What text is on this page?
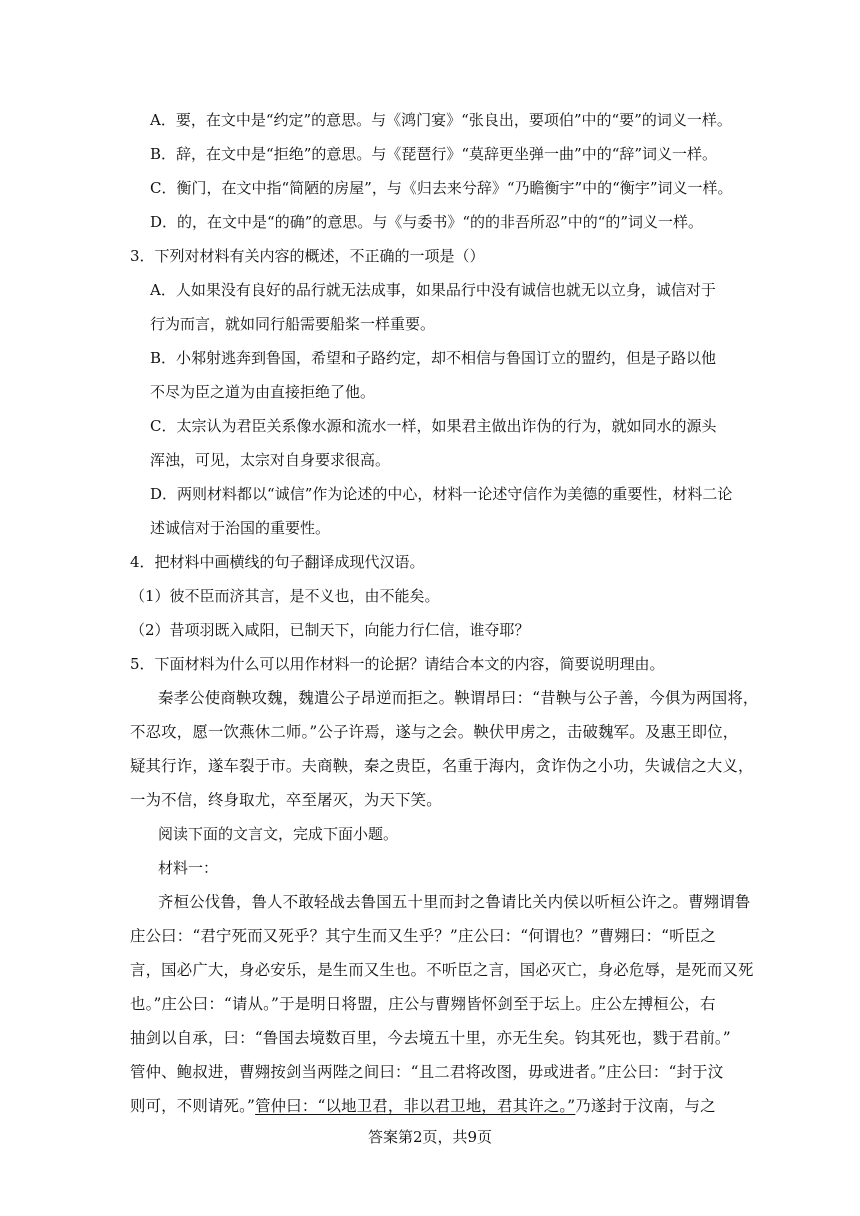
A．要，在文中是“约定”的意思。与《鸿门宴》“张良出，要项伯”中的“要”的词义一样。
B．辞，在文中是“拒绝”的意思。与《琵琶行》“莫辞更坐弹一曲”中的“辞”词义一样。
C．衡门，在文中指“简陋的房屋”，与《归去来兮辞》“乃瞻衡宇”中的“衡宇”词义一样。
D．的，在文中是“的确”的意思。与《与委书》“的的非吾所忍”中的“的”词义一样。
3．下列对材料有关内容的概述，不正确的一项是（）
A．人如果没有良好的品行就无法成事，如果品行中没有诚信也就无以立身，诚信对于
行为而言，就如同行船需要船桨一样重要。
B．小邾射逃奔到鲁国，希望和子路约定，却不相信与鲁国订立的盟约，但是子路以他
不尽为臣之道为由直接拒绝了他。
C．太宗认为君臣关系像水源和流水一样，如果君主做出诈伪的行为，就如同水的源头
浑浊，可见，太宗对自身要求很高。
D．两则材料都以“诚信”作为论述的中心，材料一论述守信作为美德的重要性，材料二论
述诚信对于治国的重要性。
4．把材料中画横线的句子翻译成现代汉语。
（1）彼不臣而济其言，是不义也，由不能矣。
（2）昔项羽既入咸阳，已制天下，向能力行仁信，谁夺耶？
5．下面材料为什么可以用作材料一的论据？请结合本文的内容，简要说明理由。
秦孝公使商鞅攻魏，魏遣公子昂逆而拒之。鞅谓昂曰：“昔鞅与公子善，今俱为两国将，
不忍攻，愿一饮燕休二师。”公子许焉，遂与之会。鞅伏甲虏之，击破魏军。及惠王即位，
疑其行诈，遂车裂于市。夫商鞅，秦之贵臣，名重于海内，贪诈伪之小功，失诚信之大义，
一为不信，终身取尤，卒至屠灭，为天下笑。
阅读下面的文言文，完成下面小题。
材料一：
齐桓公伐鲁，鲁人不敢轻战去鲁国五十里而封之鲁请比关内侯以听桓公许之。曹翙谓鲁
庄公曰：“君宁死而又死乎？其宁生而又生乎？”庄公曰：“何谓也？”曹翙曰：“听臣之
言，国必广大，身必安乐，是生而又生也。不听臣之言，国必灭亡，身必危辱，是死而又死
也。”庄公曰：“请从。”于是明日将盟，庄公与曹翙皆怀剑至于坛上。庄公左搏桓公，右
抽剑以自承，曰：“鲁国去境数百里，今去境五十里，亦无生矣。钧其死也，戮于君前。”
管仲、鲍叔进，曹翙按剑当两陛之间曰：“且二君将改图，毋或进者。”庄公曰：“封于汶
则可，不则请死。”管仲曰：“以地卫君，非以君卫地，君其许之。”乃遂封于汶南，与之
答案第2页，共9页
